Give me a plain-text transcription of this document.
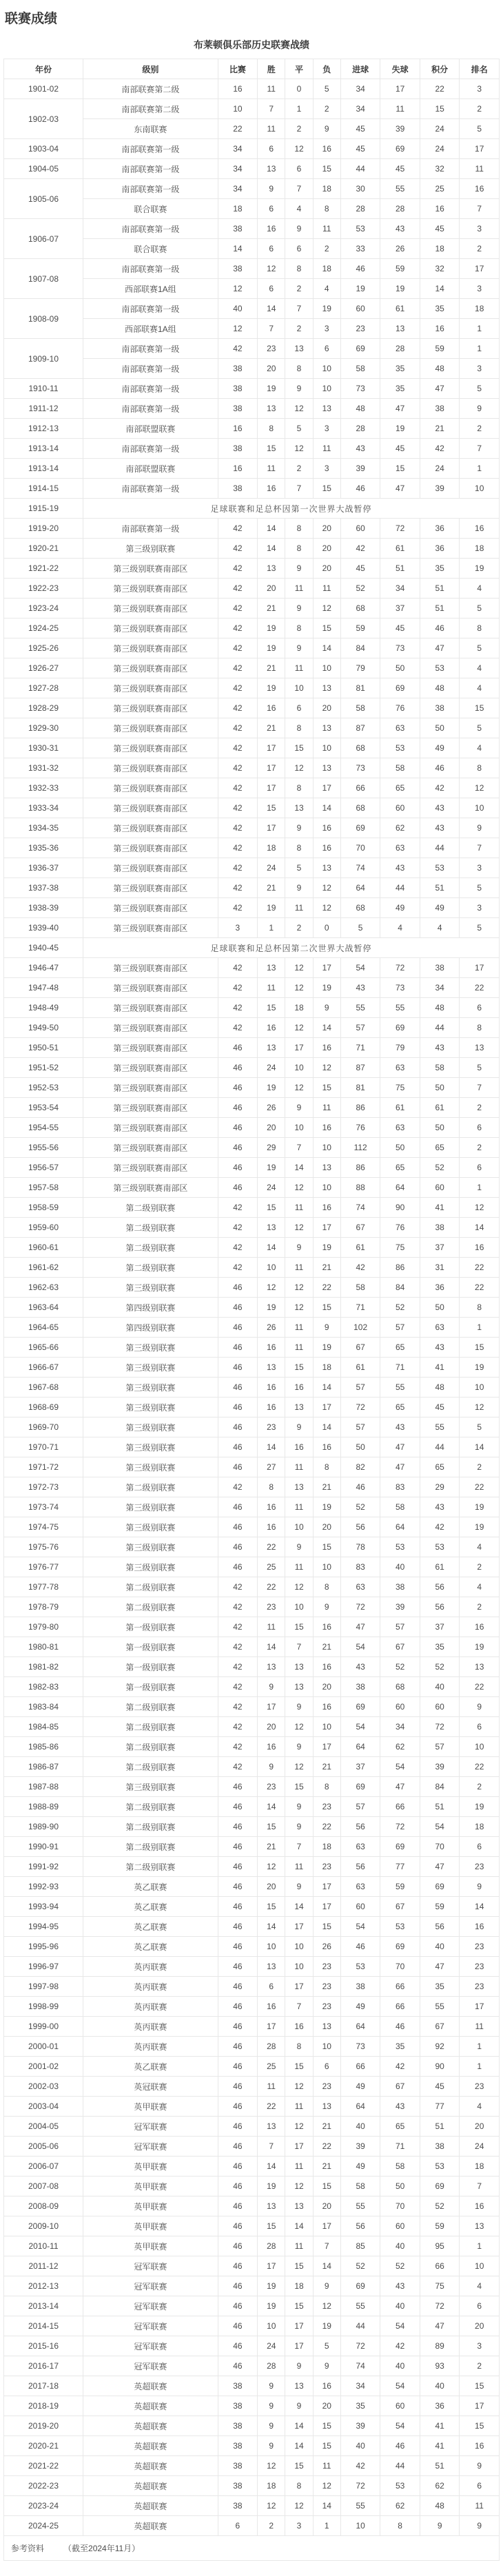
联赛成绩
布莱顿俱乐部历史联赛战绩
年份	级别	比赛	胜	平	负	进球	失球	积分	排名
1901-02	南部联赛第二级	16	11	0	5	34	17	22	3
1902-03	南部联赛第二级	10	7	1	2	34	11	15	2
	东南联赛	22	11	2	9	45	39	24	5
1903-04	南部联赛第一级	34	6	12	16	45	69	24	17
1904-05	南部联赛第一级	34	13	6	15	44	45	32	11
1905-06	南部联赛第一级	34	9	7	18	30	55	25	16
	联合联赛	18	6	4	8	28	28	16	7
1906-07	南部联赛第一级	38	16	9	11	53	43	45	3
	联合联赛	14	6	6	2	33	26	18	2
1907-08	南部联赛第一级	38	12	8	18	46	59	32	17
	西部联赛1A组	12	6	2	4	19	19	14	3
1908-09	南部联赛第一级	40	14	7	19	60	61	35	18
	西部联赛1A组	12	7	2	3	23	13	16	1
1909-10	南部联赛第一级	42	23	13	6	69	28	59	1
	南部联赛第一级	38	20	8	10	58	35	48	3
1910-11	南部联赛第一级	38	19	9	10	73	35	47	5
1911-12	南部联赛第一级	38	13	12	13	48	47	38	9
1912-13	南部联盟联赛	16	8	5	3	28	19	21	2
1913-14	南部联赛第一级	38	15	12	11	43	45	42	7
1913-14	南部联盟联赛	16	11	2	3	39	15	24	1
1914-15	南部联赛第一级	38	16	7	15	46	47	39	10
1915-19	足球联赛和足总杯因第一次世界大战暂停								
1919-20	南部联赛第一级	42	14	8	20	60	72	36	16
1920-21	第三级别联赛	42	14	8	20	42	61	36	18
1921-22	第三级别联赛南部区	42	13	9	20	45	51	35	19
1922-23	第三级别联赛南部区	42	20	11	11	52	34	51	4
1923-24	第三级别联赛南部区	42	21	9	12	68	37	51	5
1924-25	第三级别联赛南部区	42	19	8	15	59	45	46	8
1925-26	第三级别联赛南部区	42	19	9	14	84	73	47	5
1926-27	第三级别联赛南部区	42	21	11	10	79	50	53	4
1927-28	第三级别联赛南部区	42	19	10	13	81	69	48	4
1928-29	第三级别联赛南部区	42	16	6	20	58	76	38	15
1929-30	第三级别联赛南部区	42	21	8	13	87	63	50	5
1930-31	第三级别联赛南部区	42	17	15	10	68	53	49	4
1931-32	第三级别联赛南部区	42	17	12	13	73	58	46	8
1932-33	第三级别联赛南部区	42	17	8	17	66	65	42	12
1933-34	第三级别联赛南部区	42	15	13	14	68	60	43	10
1934-35	第三级别联赛南部区	42	17	9	16	69	62	43	9
1935-36	第三级别联赛南部区	42	18	8	16	70	63	44	7
1936-37	第三级别联赛南部区	42	24	5	13	74	43	53	3
1937-38	第三级别联赛南部区	42	21	9	12	64	44	51	5
1938-39	第三级别联赛南部区	42	19	11	12	68	49	49	3
1939-40	第三级别联赛南部区	3	1	2	0	5	4	4	5
1940-45	足球联赛和足总杯因第二次世界大战暂停								
1946-47	第三级别联赛南部区	42	13	12	17	54	72	38	17
1947-48	第三级别联赛南部区	42	11	12	19	43	73	34	22
1948-49	第三级别联赛南部区	42	15	18	9	55	55	48	6
1949-50	第三级别联赛南部区	42	16	12	14	57	69	44	8
1950-51	第三级别联赛南部区	46	13	17	16	71	79	43	13
1951-52	第三级别联赛南部区	46	24	10	12	87	63	58	5
1952-53	第三级别联赛南部区	46	19	12	15	81	75	50	7
1953-54	第三级别联赛南部区	46	26	9	11	86	61	61	2
1954-55	第三级别联赛南部区	46	20	10	16	76	63	50	6
1955-56	第三级别联赛南部区	46	29	7	10	112	50	65	2
1956-57	第三级别联赛南部区	46	19	14	13	86	65	52	6
1957-58	第三级别联赛南部区	46	24	12	10	88	64	60	1
1958-59	第二级别联赛	42	15	11	16	74	90	41	12
1959-60	第二级别联赛	42	13	12	17	67	76	38	14
1960-61	第二级别联赛	42	14	9	19	61	75	37	16
1961-62	第二级别联赛	42	10	11	21	42	86	31	22
1962-63	第三级别联赛	46	12	12	22	58	84	36	22
1963-64	第四级别联赛	46	19	12	15	71	52	50	8
1964-65	第四级别联赛	46	26	11	9	102	57	63	1
1965-66	第三级别联赛	46	16	11	19	67	65	43	15
1966-67	第三级别联赛	46	13	15	18	61	71	41	19
1967-68	第三级别联赛	46	16	16	14	57	55	48	10
1968-69	第三级别联赛	46	16	13	17	72	65	45	12
1969-70	第三级别联赛	46	23	9	14	57	43	55	5
1970-71	第三级别联赛	46	14	16	16	50	47	44	14
1971-72	第三级别联赛	46	27	11	8	82	47	65	2
1972-73	第二级别联赛	42	8	13	21	46	83	29	22
1973-74	第三级别联赛	46	16	11	19	52	58	43	19
1974-75	第三级别联赛	46	16	10	20	56	64	42	19
1975-76	第三级别联赛	46	22	9	15	78	53	53	4
1976-77	第三级别联赛	46	25	11	10	83	40	61	2
1977-78	第二级别联赛	42	22	12	8	63	38	56	4
1978-79	第二级别联赛	42	23	10	9	72	39	56	2
1979-80	第一级别联赛	42	11	15	16	47	57	37	16
1980-81	第一级别联赛	42	14	7	21	54	67	35	19
1981-82	第一级别联赛	42	13	13	16	43	52	52	13
1982-83	第一级别联赛	42	9	13	20	38	68	40	22
1983-84	第二级别联赛	42	17	9	16	69	60	60	9
1984-85	第二级别联赛	42	20	12	10	54	34	72	6
1985-86	第二级别联赛	42	16	9	17	64	62	57	10
1986-87	第二级别联赛	42	9	12	21	37	54	39	22
1987-88	第三级别联赛	46	23	15	8	69	47	84	2
1988-89	第二级别联赛	46	14	9	23	57	66	51	19
1989-90	第二级别联赛	46	15	9	22	56	72	54	18
1990-91	第二级别联赛	46	21	7	18	63	69	70	6
1991-92	第二级别联赛	46	12	11	23	56	77	47	23
1992-93	英乙联赛	46	20	9	17	63	59	69	9
1993-94	英乙联赛	46	15	14	17	60	67	59	14
1994-95	英乙联赛	46	14	17	15	54	53	56	16
1995-96	英乙联赛	46	10	10	26	46	69	40	23
1996-97	英丙联赛	46	13	10	23	53	70	47	23
1997-98	英丙联赛	46	6	17	23	38	66	35	23
1998-99	英丙联赛	46	16	7	23	49	66	55	17
1999-00	英丙联赛	46	17	16	13	64	46	67	11
2000-01	英丙联赛	46	28	8	10	73	35	92	1
2001-02	英乙联赛	46	25	15	6	66	42	90	1
2002-03	英冠联赛	46	11	12	23	49	67	45	23
2003-04	英甲联赛	46	22	11	13	64	43	77	4
2004-05	冠军联赛	46	13	12	21	40	65	51	20
2005-06	冠军联赛	46	7	17	22	39	71	38	24
2006-07	英甲联赛	46	14	11	21	49	58	53	18
2007-08	英甲联赛	46	19	12	15	58	50	69	7
2008-09	英甲联赛	46	13	13	20	55	70	52	16
2009-10	英甲联赛	46	15	14	17	56	60	59	13
2010-11	英甲联赛	46	28	11	7	85	40	95	1
2011-12	冠军联赛	46	17	15	14	52	52	66	10
2012-13	冠军联赛	46	19	18	9	69	43	75	4
2013-14	冠军联赛	46	19	15	12	55	40	72	6
2014-15	冠军联赛	46	10	17	19	44	54	47	20
2015-16	冠军联赛	46	24	17	5	72	42	89	3
2016-17	冠军联赛	46	28	9	9	74	40	93	2
2017-18	英超联赛	38	9	13	16	34	54	40	15
2018-19	英超联赛	38	9	9	20	35	60	36	17
2019-20	英超联赛	38	9	14	15	39	54	41	15
2020-21	英超联赛	38	9	14	15	40	46	41	16
2021-22	英超联赛	38	12	15	11	42	44	51	9
2022-23	英超联赛	38	18	8	12	72	53	62	6
2023-24	英超联赛	38	12	12	14	55	62	48	11
2024-25	英超联赛	6	2	3	1	10	8	9	9
参考资料 （截至2024年11月）									
